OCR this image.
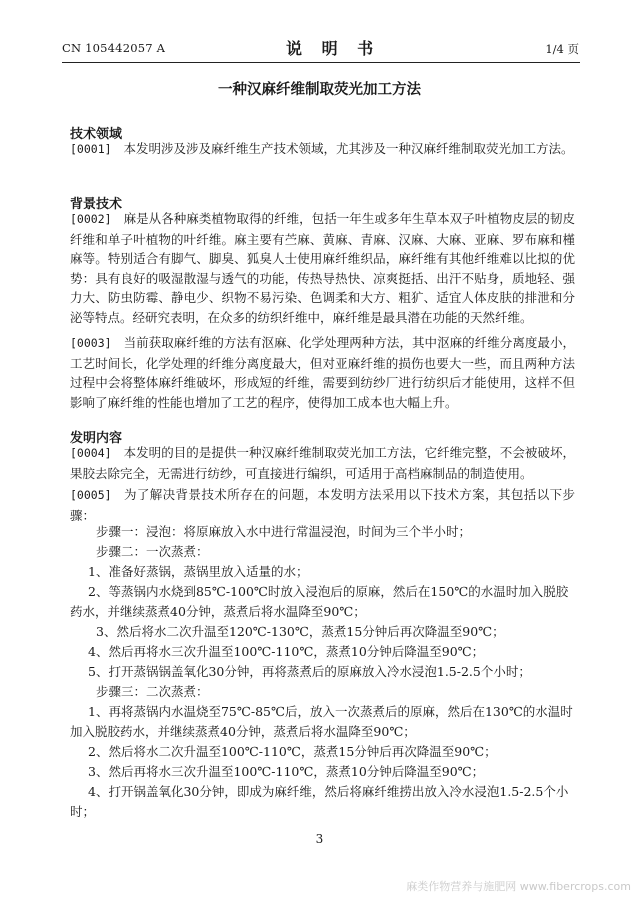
CN 105442057 A	说 明 书	1/4 页
一种汉麻纤维制取荧光加工方法
技术领域
[0001] 本发明涉及涉及麻纤维生产技术领域，尤其涉及一种汉麻纤维制取荧光加工方法。
背景技术
[0002] 麻是从各种麻类植物取得的纤维，包括一年生或多年生草本双子叶植物皮层的韧皮纤维和单子叶植物的叶纤维。麻主要有苎麻、黄麻、青麻、汉麻、大麻、亚麻、罗布麻和槿麻等。特别适合有脚气、脚臭、狐臭人士使用麻纤维织品，麻纤维有其他纤维难以比拟的优势：具有良好的吸湿散湿与透气的功能，传热导热快、凉爽挺括、出汗不贴身，质地轻、强力大、防虫防霉、静电少、织物不易污染、色调柔和大方、粗犷、适宜人体皮肤的排泄和分泌等特点。经研究表明，在众多的纺织纤维中，麻纤维是最具潜在功能的天然纤维。
[0003] 当前获取麻纤维的方法有沤麻、化学处理两种方法，其中沤麻的纤维分离度最小，工艺时间长，化学处理的纤维分离度最大，但对亚麻纤维的损伤也要大一些，而且两种方法过程中会将整体麻纤维破坏，形成短的纤维，需要到纺纱厂进行纺织后才能使用，这样不但影响了麻纤维的性能也增加了工艺的程序，使得加工成本也大幅上升。
发明内容
[0004] 本发明的目的是提供一种汉麻纤维制取荧光加工方法，它纤维完整，不会被破坏，果胶去除完全，无需进行纺纱，可直接进行编织，可适用于高档麻制品的制造使用。
[0005] 为了解决背景技术所存在的问题，本发明方法采用以下技术方案，其包括以下步骤：
步骤一：浸泡：将原麻放入水中进行常温浸泡，时间为三个半小时；
步骤二：一次蒸煮：
1、准备好蒸锅，蒸锅里放入适量的水；
2、等蒸锅内水烧到85℃-100℃时放入浸泡后的原麻，然后在150℃的水温时加入脱胶药水，并继续蒸煮40分钟，蒸煮后将水温降至90℃；
3、然后将水二次升温至120℃-130℃，蒸煮15分钟后再次降温至90℃；
4、然后再将水三次升温至100℃-110℃，蒸煮10分钟后降温至90℃；
5、打开蒸锅锅盖氧化30分钟，再将蒸煮后的原麻放入冷水浸泡1.5-2.5个小时；
步骤三：二次蒸煮：
1、再将蒸锅内水温烧至75℃-85℃后，放入一次蒸煮后的原麻，然后在130℃的水温时加入脱胶药水，并继续蒸煮40分钟，蒸煮后将水温降至90℃；
2、然后将水二次升温至100℃-110℃，蒸煮15分钟后再次降温至90℃；
3、然后再将水三次升温至100℃-110℃，蒸煮10分钟后降温至90℃；
4、打开锅盖氧化30分钟，即成为麻纤维，然后将麻纤维捞出放入冷水浸泡1.5-2.5个小时；
3
麻类作物营养与施肥网 www.fibercrops.com
